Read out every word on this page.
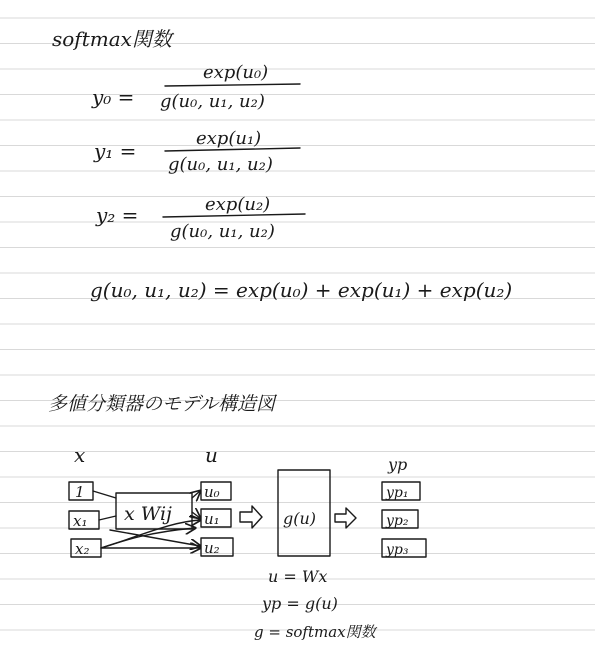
softmax関数
y₀ =
exp(u₀)
g(u₀, u₁, u₂)
y₁ =
exp(u₁)
g(u₀, u₁, u₂)
y₂ =	exp(u₂)
g(u₀, u₁, u₂)
g(u₀, u₁, u₂) = exp(u₀) + exp(u₁) + exp(u₂)
多値分類器のモデル構造図
x	u	yp
1
x₁
x₂
x Wij
u₀
u₁
u₂
g(u)
yp₁
yp₂
yp₃
u = Wx
yp = g(u)
g = softmax関数
